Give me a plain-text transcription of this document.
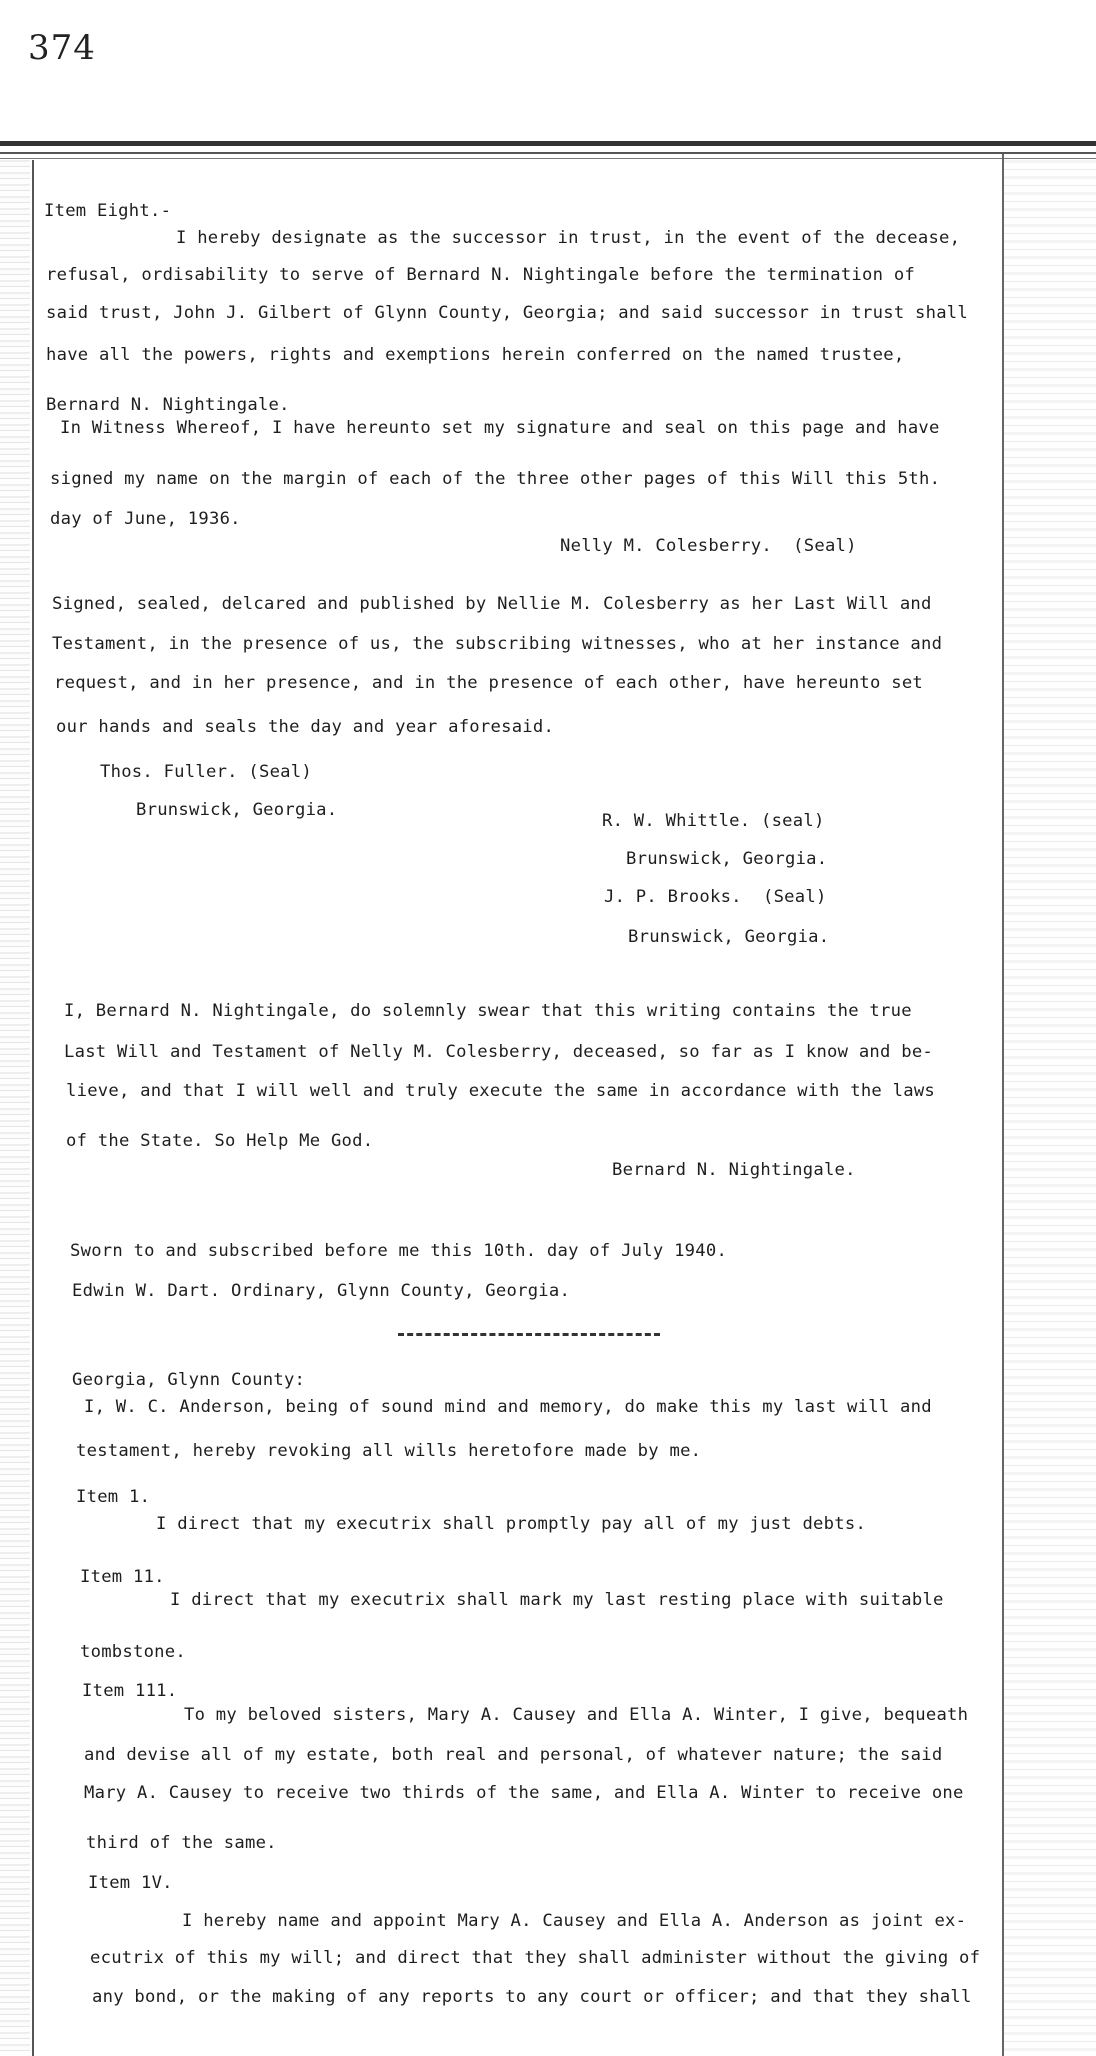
374
Item Eight.-
I hereby designate as the successor in trust, in the event of the decease,
refusal, ordisability to serve of Bernard N. Nightingale before the termination of
said trust, John J. Gilbert of Glynn County, Georgia; and said successor in trust shall
have all the powers, rights and exemptions herein conferred on the named trustee,
Bernard N. Nightingale.
In Witness Whereof, I have hereunto set my signature and seal on this page and have
signed my name on the margin of each of the three other pages of this Will this 5th.
day of June, 1936.
Nelly M. Colesberry.  (Seal)
Signed, sealed, delcared and published by Nellie M. Colesberry as her Last Will and
Testament, in the presence of us, the subscribing witnesses, who at her instance and
request, and in her presence, and in the presence of each other, have hereunto set
our hands and seals the day and year aforesaid.
Thos. Fuller. (Seal)
Brunswick, Georgia.
R. W. Whittle. (seal)
Brunswick, Georgia.
J. P. Brooks.  (Seal)
Brunswick, Georgia.
I, Bernard N. Nightingale, do solemnly swear that this writing contains the true
Last Will and Testament of Nelly M. Colesberry, deceased, so far as I know and be-
lieve, and that I will well and truly execute the same in accordance with the laws
of the State. So Help Me God.
Bernard N. Nightingale.
Sworn to and subscribed before me this 10th. day of July 1940.
Edwin W. Dart. Ordinary, Glynn County, Georgia.
Georgia, Glynn County:
I, W. C. Anderson, being of sound mind and memory, do make this my last will and
testament, hereby revoking all wills heretofore made by me.
Item 1.
I direct that my executrix shall promptly pay all of my just debts.
Item 11.
I direct that my executrix shall mark my last resting place with suitable
tombstone.
Item 111.
To my beloved sisters, Mary A. Causey and Ella A. Winter, I give, bequeath
and devise all of my estate, both real and personal, of whatever nature; the said
Mary A. Causey to receive two thirds of the same, and Ella A. Winter to receive one
third of the same.
Item 1V.
I hereby name and appoint Mary A. Causey and Ella A. Anderson as joint ex-
ecutrix of this my will; and direct that they shall administer without the giving of
any bond, or the making of any reports to any court or officer; and that they shall
